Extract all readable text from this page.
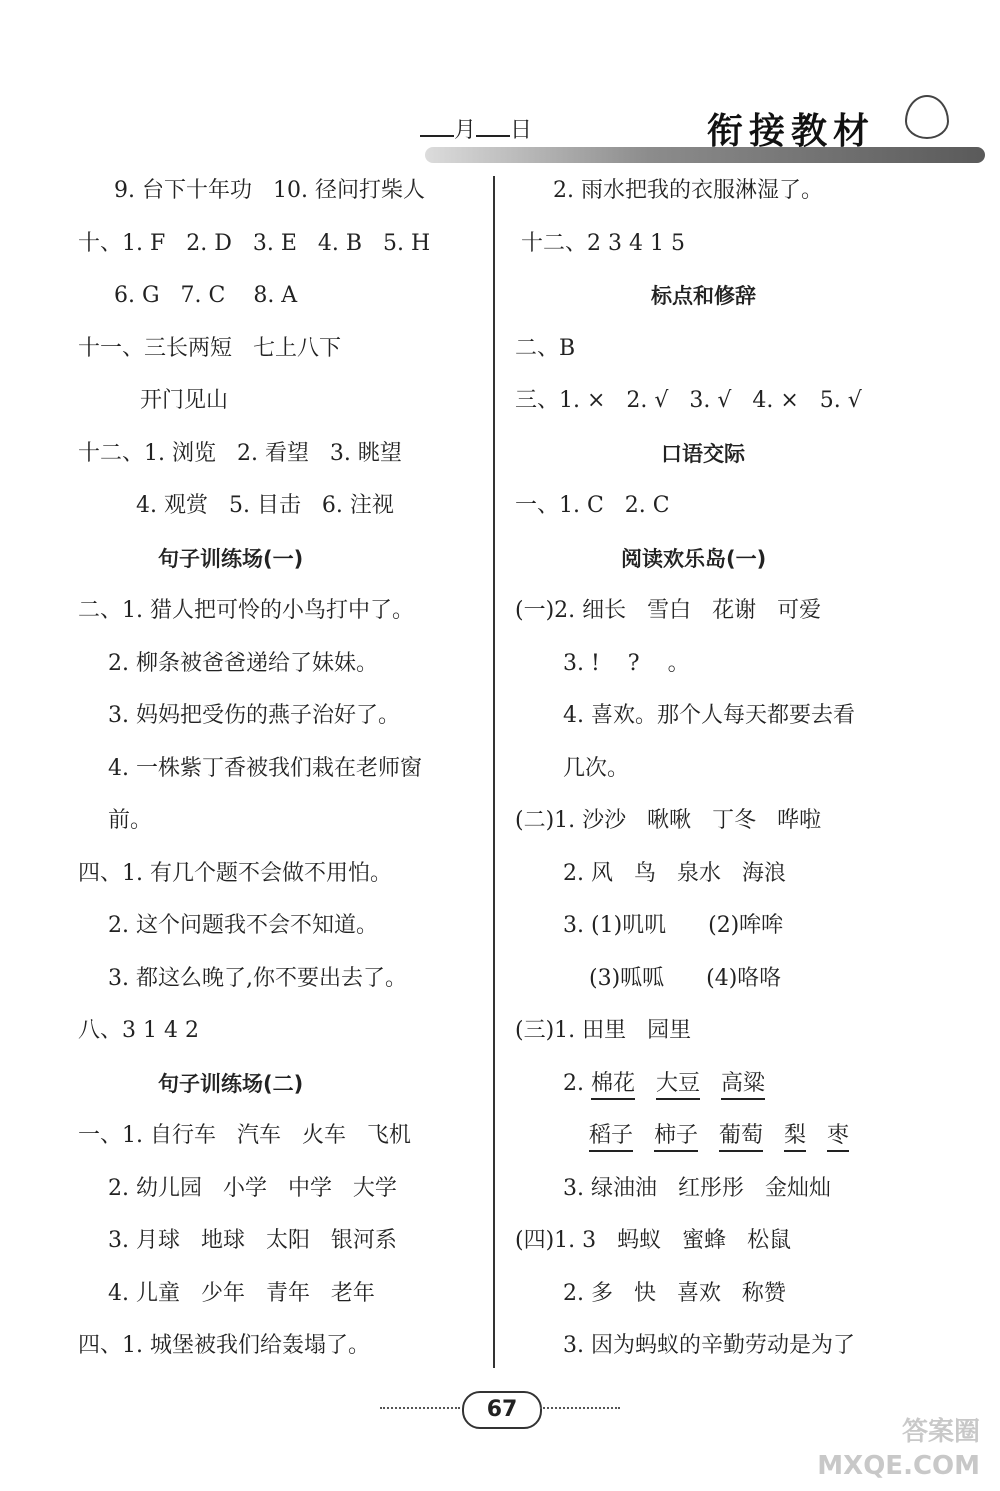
月 日	衔接教材
9. 台下十年功   10. 径问打柴人
十、1. F   2. D   3. E   4. B   5. H
6. G   7. C    8. A
十一、三长两短   七上八下
开门见山
十二、1. 浏览   2. 看望   3. 眺望
4. 观赏   5. 目击   6. 注视
句子训练场(一)
二、1. 猎人把可怜的小鸟打中了。
2. 柳条被爸爸递给了妹妹。
3. 妈妈把受伤的燕子治好了。
4. 一株紫丁香被我们栽在老师窗
前。
四、1. 有几个题不会做不用怕。
2. 这个问题我不会不知道。
3. 都这么晚了,你不要出去了。
八、3 1 4 2
句子训练场(二)
一、1. 自行车   汽车   火车   飞机
2. 幼儿园   小学   中学   大学
3. 月球   地球   太阳   银河系
4. 儿童   少年   青年   老年
四、1. 城堡被我们给轰塌了。
2. 雨水把我的衣服淋湿了。
十二、2 3 4 1 5
标点和修辞
二、B
三、1. ×   2. √   3. √   4. ×   5. √
口语交际
一、1. C   2. C
阅读欢乐岛(一)
(一)2. 细长   雪白   花谢   可爱
3. !    ?    。
4. 喜欢。那个人每天都要去看
几次。
(二)1. 沙沙   啾啾   丁冬   哗啦
2. 风   鸟   泉水   海浪
3. (1)叽叽      (2)哞哞
(3)呱呱      (4)咯咯
(三)1. 田里   园里
2. 棉花 大豆 高粱
稻子 柿子 葡萄 梨 枣
3. 绿油油   红彤彤   金灿灿
(四)1. 3   蚂蚁   蜜蜂   松鼠
2. 多   快   喜欢   称赞
3. 因为蚂蚁的辛勤劳动是为了
67
答案圈
MXQE.COM
